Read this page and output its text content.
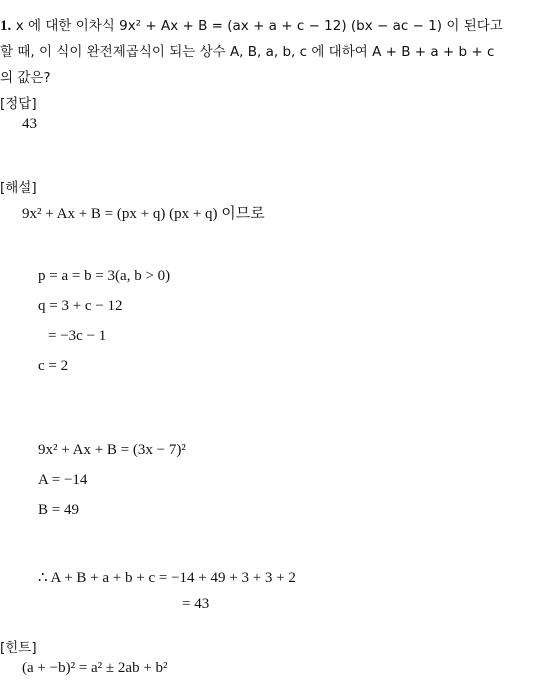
1. x 에 대한 이차식 9x² + Ax + B = (ax + a + c − 12) (bx − ac − 1) 이 된다고
할 때, 이 식이 완전제곱식이 되는 상수 A, B, a, b, c 에 대하여 A + B + a + b + c
의 값은?
[정답]
43
[해설]
9x² + Ax + B = (px + q) (px + q) 이므로
p = a = b = 3(a, b > 0)
q = 3 + c − 12
= −3c − 1
c = 2
9x² + Ax + B = (3x − 7)²
A = −14
B = 49
∴ A + B + a + b + c = −14 + 49 + 3 + 3 + 2
= 43
[힌트]
(a + −b)² = a² ± 2ab + b²
